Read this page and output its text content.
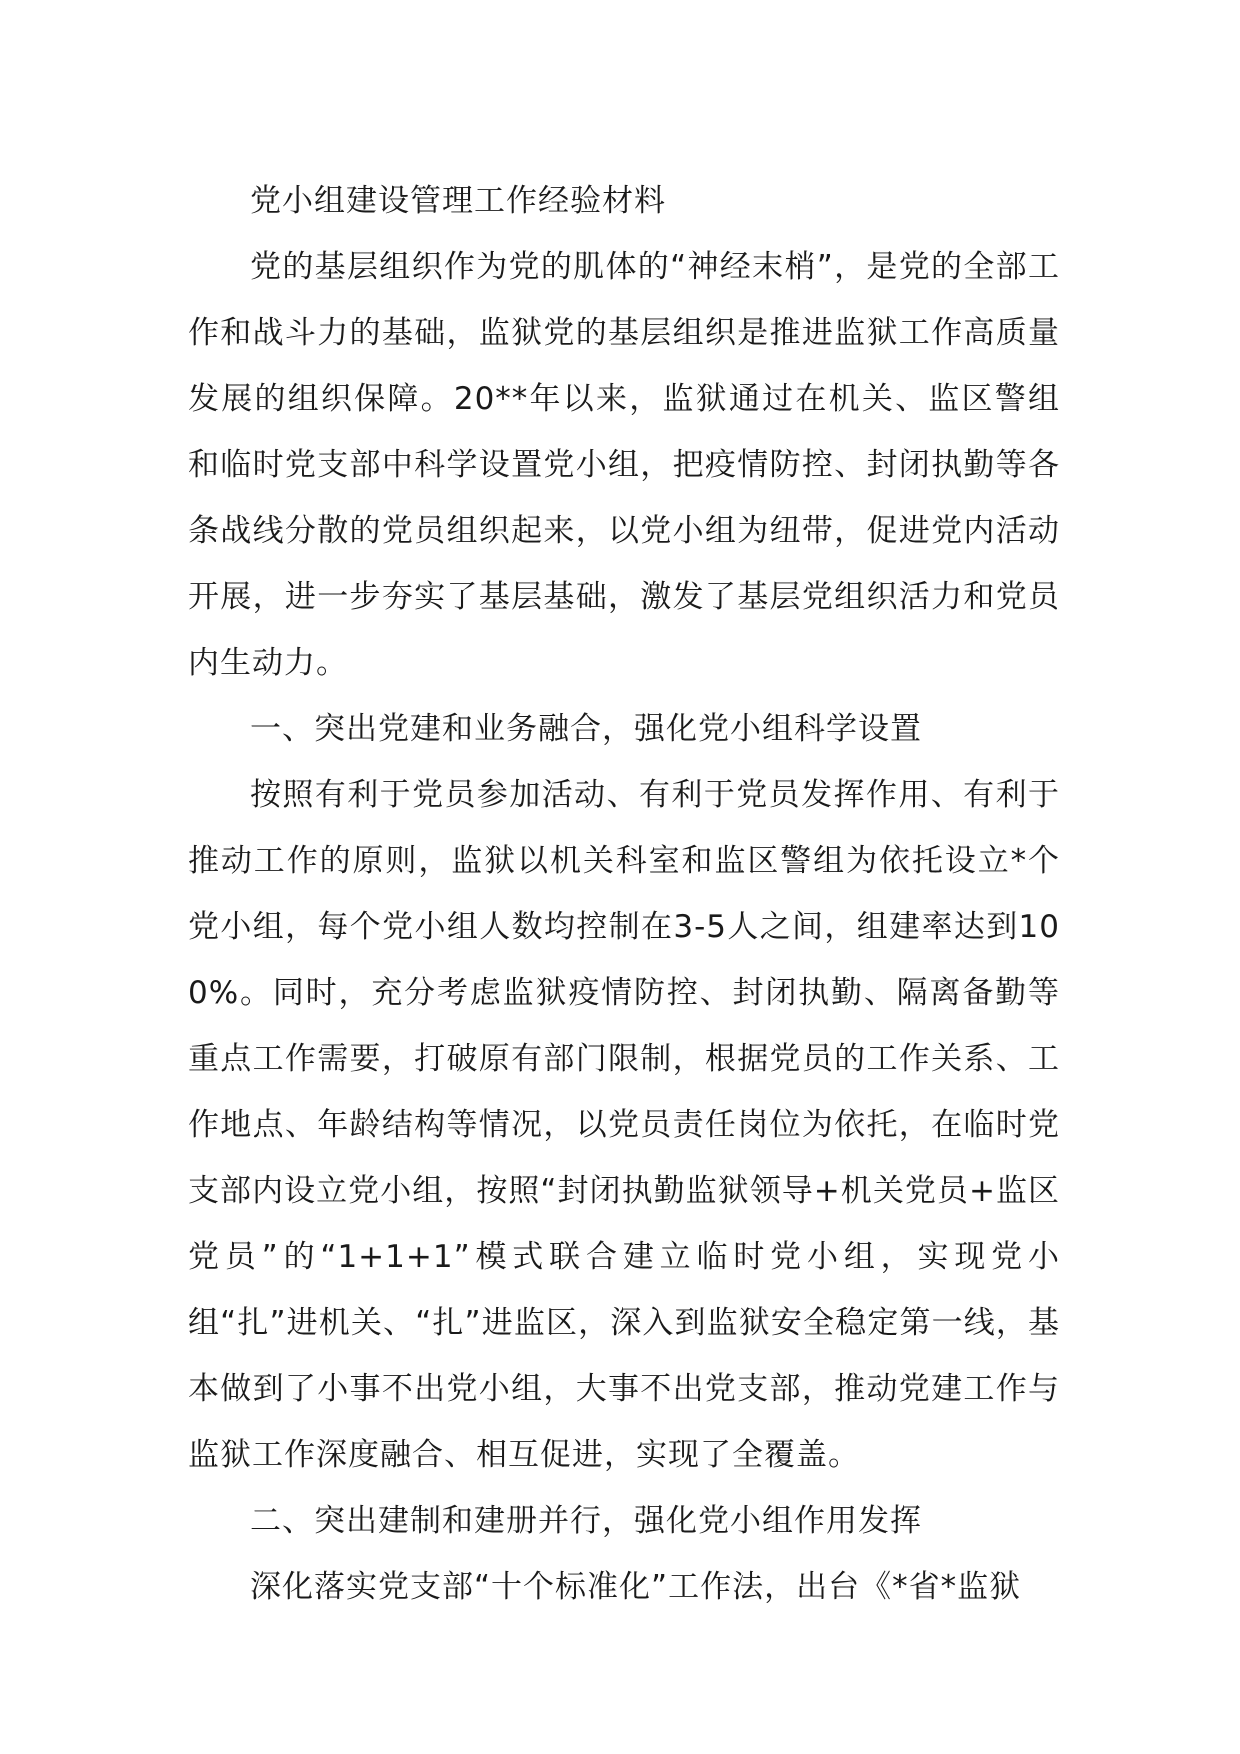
党小组建设管理工作经验材料

党的基层组织作为党的肌体的“神经末梢”，是党的全部工作和战斗力的基础，监狱党的基层组织是推进监狱工作高质量发展的组织保障。20**年以来，监狱通过在机关、监区警组和临时党支部中科学设置党小组，把疫情防控、封闭执勤等各条战线分散的党员组织起来，以党小组为纽带，促进党内活动开展，进一步夯实了基层基础，激发了基层党组织活力和党员内生动力。

一、突出党建和业务融合，强化党小组科学设置

按照有利于党员参加活动、有利于党员发挥作用、有利于推动工作的原则，监狱以机关科室和监区警组为依托设立*个党小组，每个党小组人数均控制在3-5人之间，组建率达到100%。同时，充分考虑监狱疫情防控、封闭执勤、隔离备勤等重点工作需要，打破原有部门限制，根据党员的工作关系、工作地点、年龄结构等情况，以党员责任岗位为依托，在临时党支部内设立党小组，按照“封闭执勤监狱领导+机关党员+监区党员”的“1+1+1”模式联合建立临时党小组，实现党小组“扎”进机关、“扎”进监区，深入到监狱安全稳定第一线，基本做到了小事不出党小组，大事不出党支部，推动党建工作与监狱工作深度融合、相互促进，实现了全覆盖。

二、突出建制和建册并行，强化党小组作用发挥

深化落实党支部“十个标准化”工作法，出台《*省*监狱
